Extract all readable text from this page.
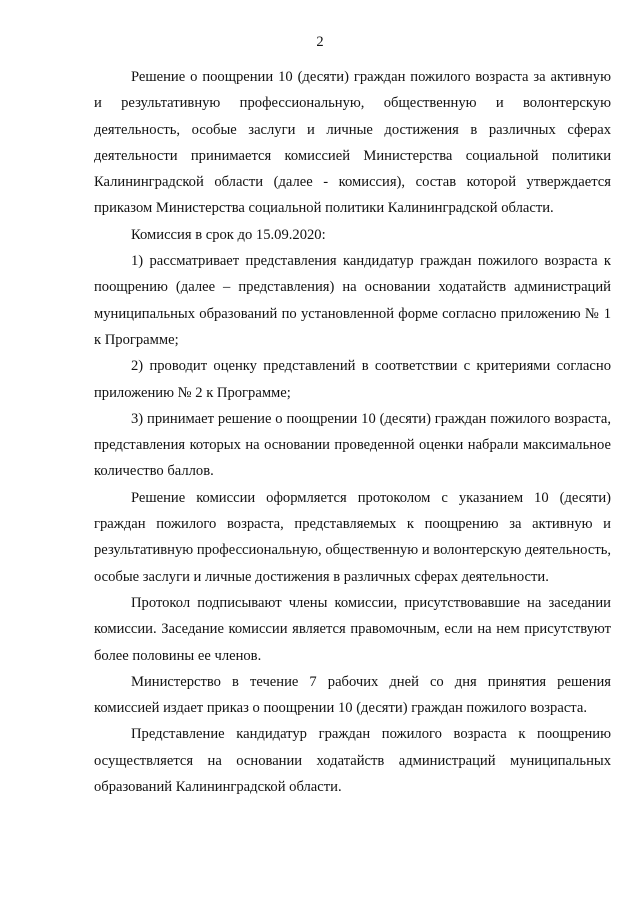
2

Решение о поощрении 10 (десяти) граждан пожилого возраста за активную и результативную профессиональную, общественную и волонтерскую деятельность, особые заслуги и личные достижения в различных сферах деятельности принимается комиссией Министерства социальной политики Калининградской области (далее - комиссия), состав которой утверждается приказом Министерства социальной политики Калининградской области.

Комиссия в срок до 15.09.2020:

1) рассматривает представления кандидатур граждан пожилого возраста к поощрению (далее – представления) на основании ходатайств администраций муниципальных образований по установленной форме согласно приложению № 1 к Программе;

2) проводит оценку представлений в соответствии с критериями согласно приложению № 2 к Программе;

3) принимает решение о поощрении 10 (десяти) граждан пожилого возраста, представления которых на основании проведенной оценки набрали максимальное количество баллов.

Решение комиссии оформляется протоколом с указанием 10 (десяти) граждан пожилого возраста, представляемых к поощрению за активную и результативную профессиональную, общественную и волонтерскую деятельность, особые заслуги и личные достижения в различных сферах деятельности.

Протокол подписывают члены комиссии, присутствовавшие на заседании комиссии. Заседание комиссии является правомочным, если на нем присутствуют более половины ее членов.

Министерство в течение 7 рабочих дней со дня принятия решения комиссией издает приказ о поощрении 10 (десяти) граждан пожилого возраста.

Представление кандидатур граждан пожилого возраста к поощрению осуществляется на основании ходатайств администраций муниципальных образований Калининградской области.
